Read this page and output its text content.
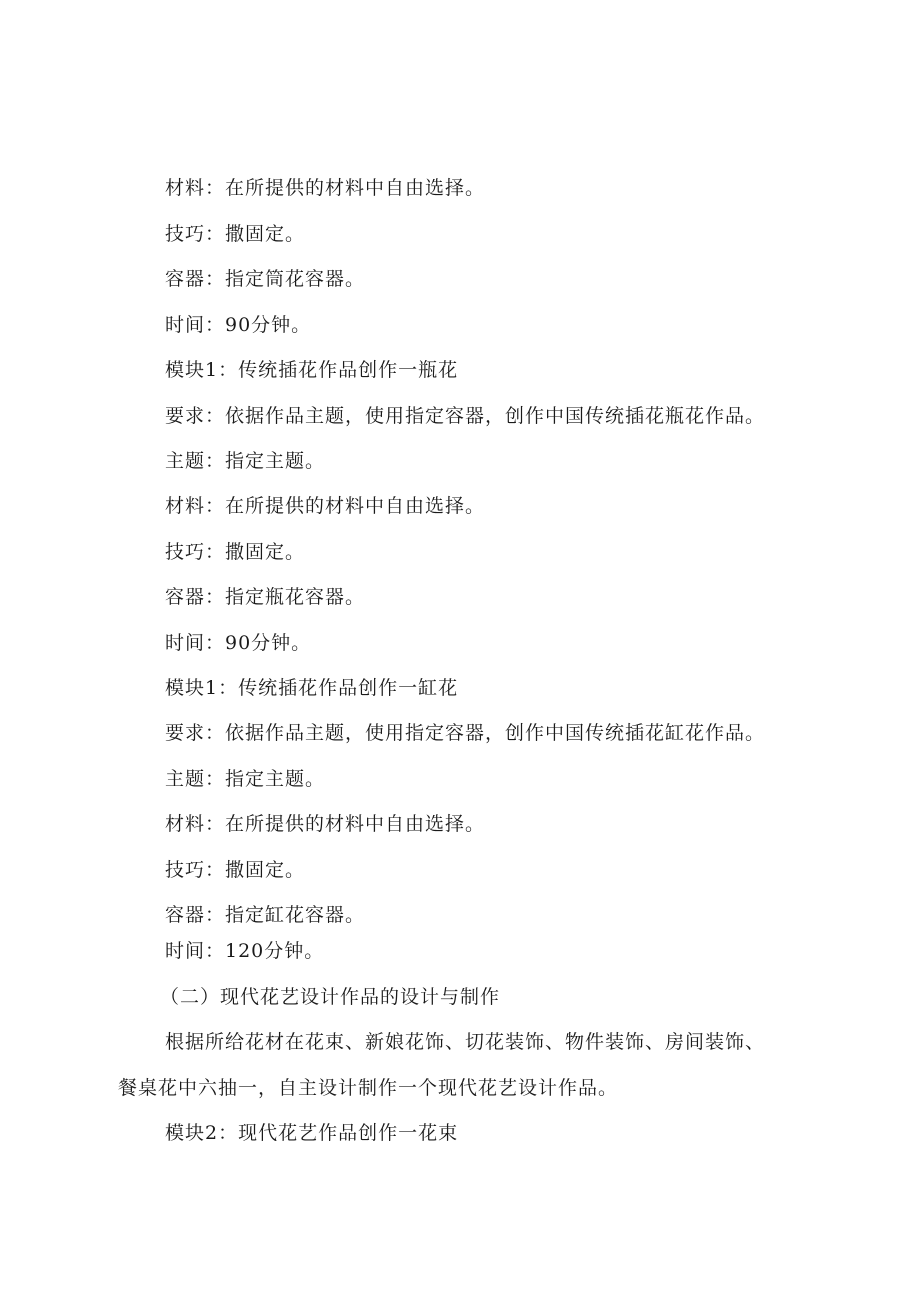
材料：在所提供的材料中自由选择。
技巧：撒固定。
容器：指定筒花容器。
时间：90分钟。
模块1：传统插花作品创作一瓶花
要求：依据作品主题，使用指定容器，创作中国传统插花瓶花作品。
主题：指定主题。
材料：在所提供的材料中自由选择。
技巧：撒固定。
容器：指定瓶花容器。
时间：90分钟。
模块1：传统插花作品创作一缸花
要求：依据作品主题，使用指定容器，创作中国传统插花缸花作品。
主题：指定主题。
材料：在所提供的材料中自由选择。
技巧：撒固定。
容器：指定缸花容器。
时间：120分钟。
（二）现代花艺设计作品的设计与制作
根据所给花材在花束、新娘花饰、切花装饰、物件装饰、房间装饰、
餐桌花中六抽一，自主设计制作一个现代花艺设计作品。
模块2：现代花艺作品创作一花束
